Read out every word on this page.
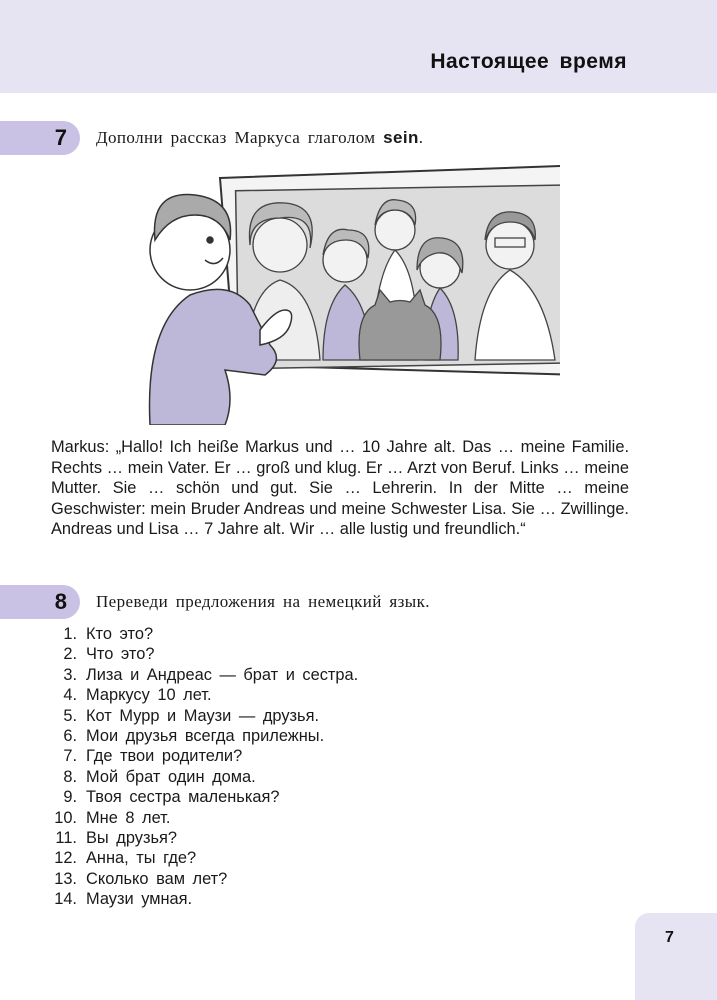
Настоящее время
7 Дополни рассказ Маркуса глаголом sein.
Markus: „Hallo! Ich heiße Markus und … 10 Jahre alt. Das … meine Familie. Rechts … mein Vater. Er … groß und klug. Er … Arzt von Beruf. Links … meine Mutter. Sie … schön und gut. Sie … Lehrerin. In der Mitte … meine Geschwister: mein Bruder Andreas und meine Schwester Lisa. Sie … Zwillinge. Andreas und Lisa … 7 Jahre alt. Wir … alle lustig und freundlich.“
8 Переведи предложения на немецкий язык.
1. Кто это?
2. Что это?
3. Лиза и Андреас — брат и сестра.
4. Маркусу 10 лет.
5. Кот Мурр и Маузи — друзья.
6. Мои друзья всегда прилежны.
7. Где твои родители?
8. Мой брат один дома.
9. Твоя сестра маленькая?
10. Мне 8 лет.
11. Вы друзья?
12. Анна, ты где?
13. Сколько вам лет?
14. Маузи умная.
7
